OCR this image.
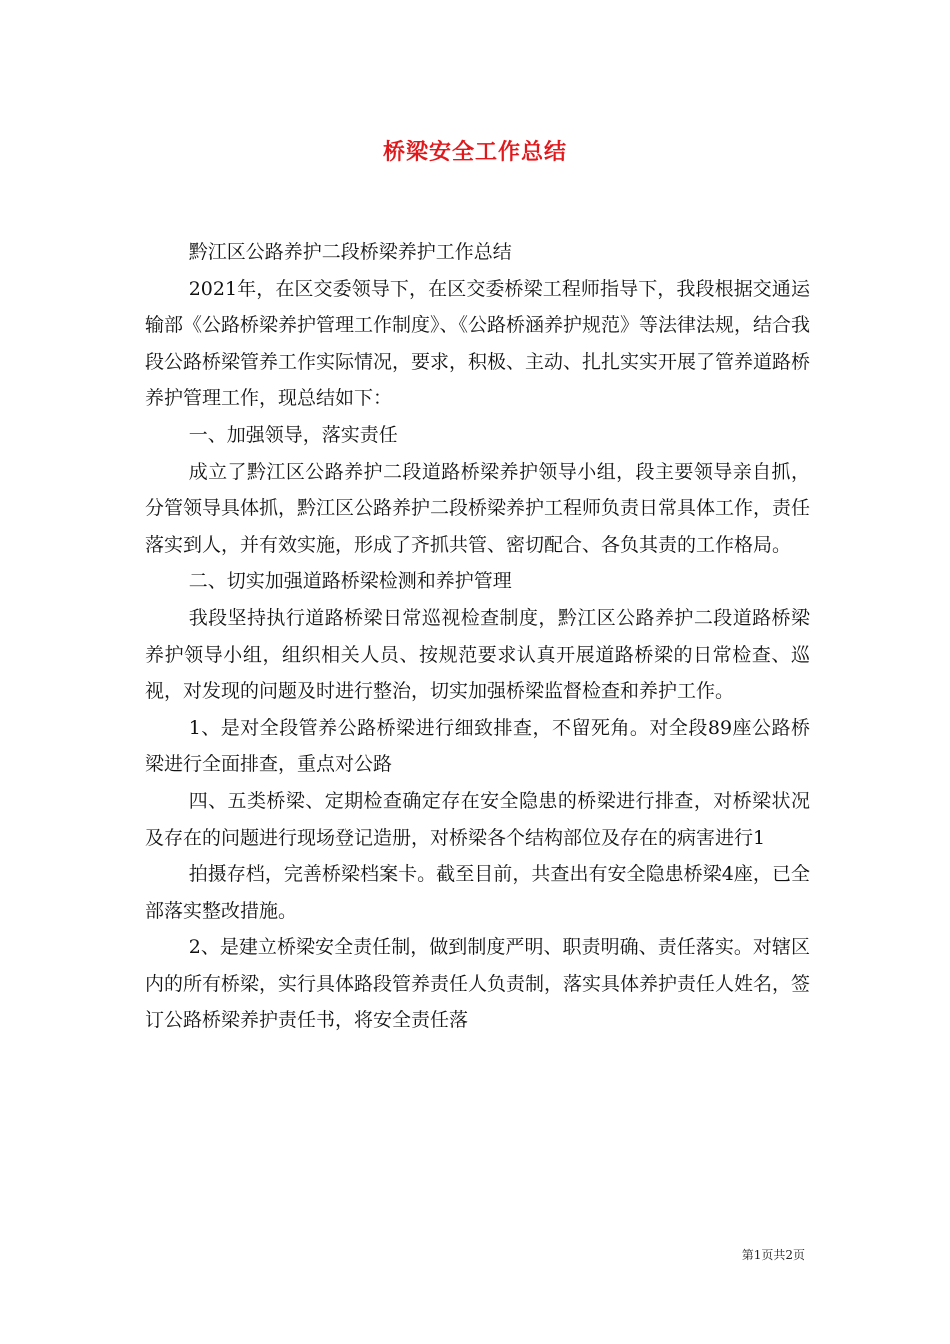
桥梁安全工作总结

黔江区公路养护二段桥梁养护工作总结

2021年，在区交委领导下，在区交委桥梁工程师指导下，我段根据交通运输部《公路桥梁养护管理工作制度》、《公路桥涵养护规范》等法律法规，结合我段公路桥梁管养工作实际情况，要求，积极、主动、扎扎实实开展了管养道路桥养护管理工作，现总结如下：

一、加强领导，落实责任

成立了黔江区公路养护二段道路桥梁养护领导小组，段主要领导亲自抓，分管领导具体抓，黔江区公路养护二段桥梁养护工程师负责日常具体工作，责任落实到人，并有效实施，形成了齐抓共管、密切配合、各负其责的工作格局。

二、切实加强道路桥梁检测和养护管理

我段坚持执行道路桥梁日常巡视检查制度，黔江区公路养护二段道路桥梁养护领导小组，组织相关人员、按规范要求认真开展道路桥梁的日常检查、巡视，对发现的问题及时进行整治，切实加强桥梁监督检查和养护工作。

1、是对全段管养公路桥梁进行细致排查，不留死角。对全段89座公路桥梁进行全面排查，重点对公路

四、五类桥梁、定期检查确定存在安全隐患的桥梁进行排查，对桥梁状况及存在的问题进行现场登记造册，对桥梁各个结构部位及存在的病害进行1

拍摄存档，完善桥梁档案卡。截至目前，共查出有安全隐患桥梁4座，已全部落实整改措施。

2、是建立桥梁安全责任制，做到制度严明、职责明确、责任落实。对辖区内的所有桥梁，实行具体路段管养责任人负责制，落实具体养护责任人姓名，签订公路桥梁养护责任书，将安全责任落

第1页共2页
